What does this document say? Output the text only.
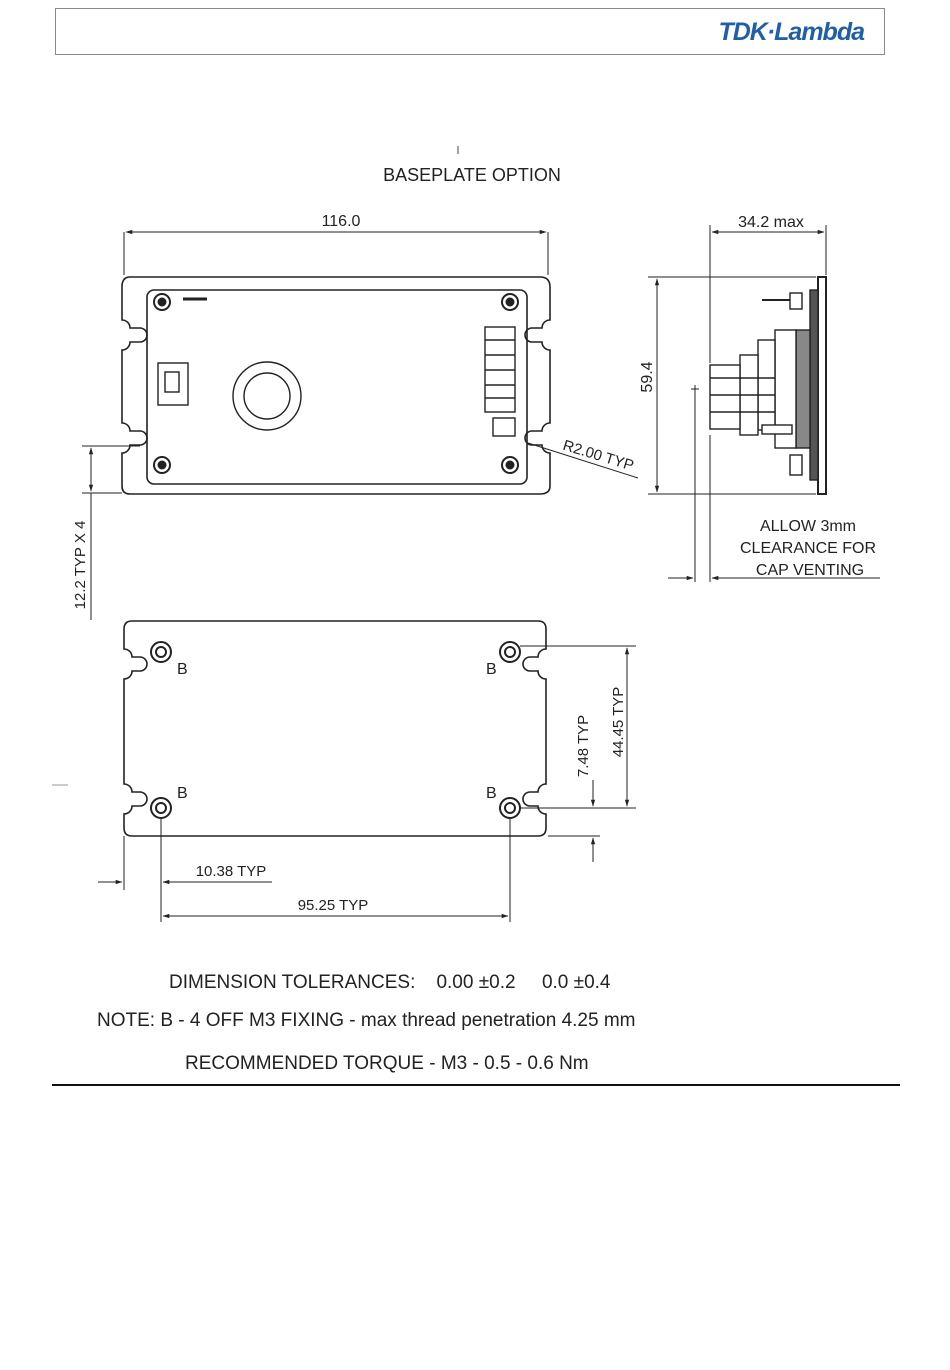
TDK·Lambda
BASEPLATE OPTION
116.0
12.2 TYP X 4
R2.00 TYP
34.2 max
59.4
ALLOW 3mm
CLEARANCE FOR
CAP VENTING
B	B
B	B
44.45 TYP
7.48 TYP
10.38 TYP
95.25 TYP
DIMENSION TOLERANCES:    0.00 ±0.2     0.0 ±0.4
NOTE: B - 4 OFF M3 FIXING - max thread penetration 4.25 mm
RECOMMENDED TORQUE - M3 - 0.5 - 0.6 Nm
